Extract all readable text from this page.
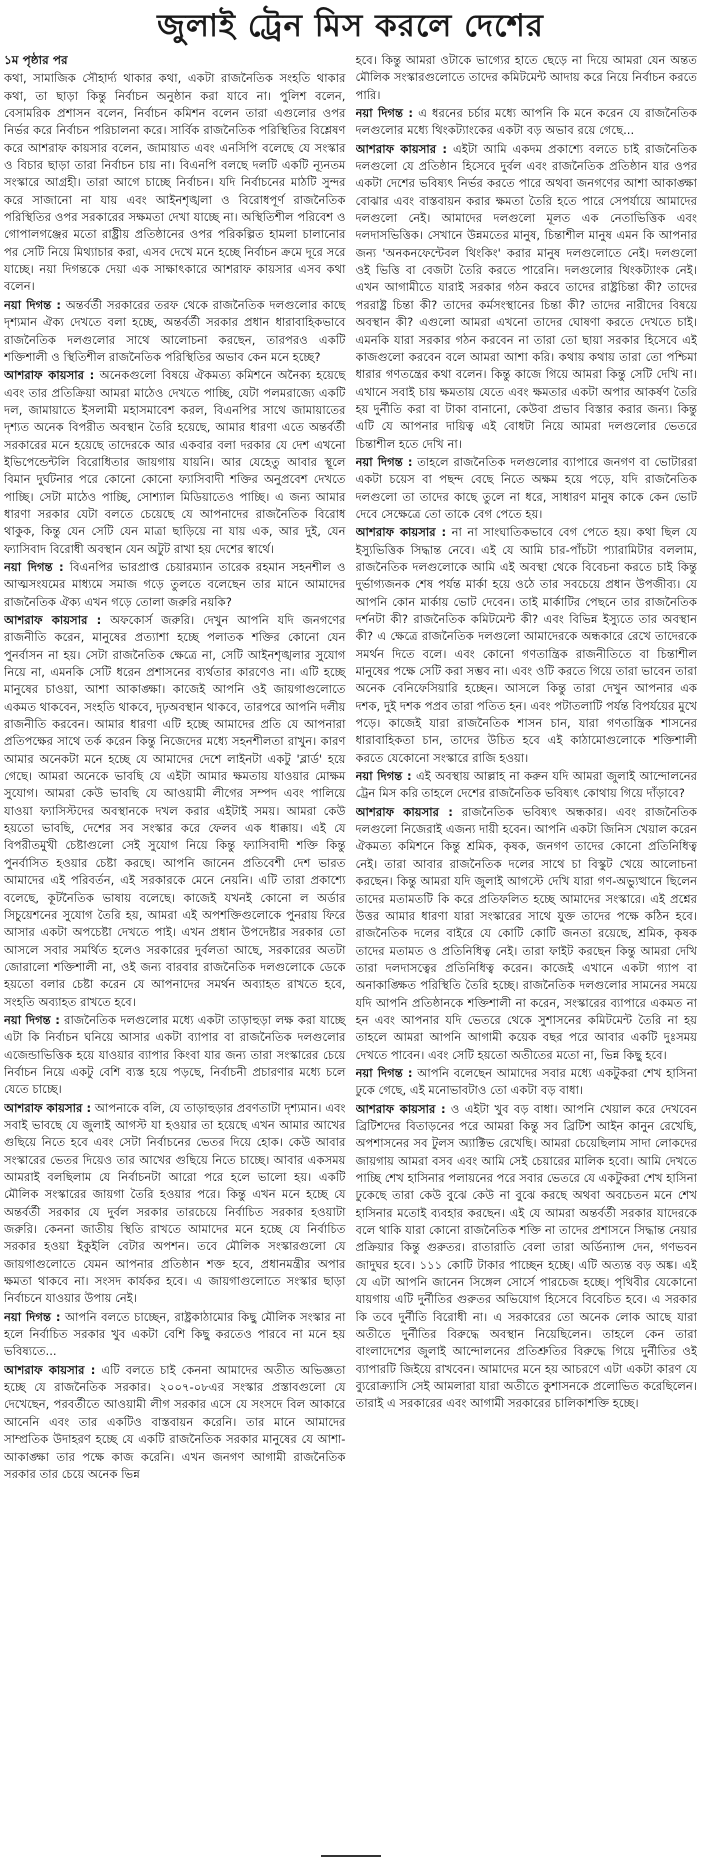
জুলাই ট্রেন মিস করলে দেশের

১ম পৃষ্ঠার পর

কথা, সামাজিক সৌহার্দ্য থাকার কথা, একটা রাজনৈতিক সংহতি থাকার কথা, তা ছাড়া কিন্তু নির্বাচন অনুষ্ঠান করা যাবে না। পুলিশ বলেন, বেসামরিক প্রশাসন বলেন, নির্বাচন কমিশন বলেন তারা এগুলোর ওপর নির্ভর করে নির্বাচন পরিচালনা করে। সার্বিক রাজনৈতিক পরিস্থিতির বিশ্লেষণ করে আশরাফ কায়সার বলেন, জামায়াত এবং এনসিপি বলেছে যে সংস্কার ও বিচার ছাড়া তারা নির্বাচন চায় না। বিএনপি বলছে দলটি একটি ন্যূনতম সংস্কারে আগ্রহী। তারা আগে চাচ্ছে নির্বাচন। যদি নির্বাচনের মাঠটি সুন্দর করে সাজানো না যায় এবং আইনশৃঙ্খলা ও বিরোধপূর্ণ রাজনৈতিক পরিস্থিতির ওপর সরকারের সক্ষমতা দেখা যাচ্ছে না। অস্থিতিশীল পরিবেশ ও গোপালগঞ্জের মতো রাষ্ট্রীয় প্রতিষ্ঠানের ওপর পরিকল্পিত হামলা চালানোর পর সেটি নিয়ে মিথ্যাচার করা, এসব দেখে মনে হচ্ছে নির্বাচন ক্রমে দূরে সরে যাচ্ছে। নয়া দিগন্তকে দেয়া এক সাক্ষাৎকারে আশরাফ কায়সার এসব কথা বলেন।

নয়া দিগন্ত : অন্তর্বর্তী সরকারের তরফ থেকে রাজনৈতিক দলগুলোর কাছে দৃশ্যমান ঐক্য দেখতে বলা হচ্ছে, অন্তর্বর্তী সরকার প্রধান ধারাবাহিকভাবে রাজনৈতিক দলগুলোর সাথে আলোচনা করছেন, তারপরও একটি শক্তিশালী ও স্থিতিশীল রাজনৈতিক পরিস্থিতির অভাব কেন মনে হচ্ছে?

আশরাফ কায়সার : অনেকগুলো বিষয়ে ঐকমত্য কমিশনে অনৈক্য হয়েছে এবং তার প্রতিক্রিয়া আমরা মাঠেও দেখতে পাচ্ছি, যেটা পলমরাজ্যে একটি দল, জামায়াতে ইসলামী মহাসমাবেশ করল, বিএনপির সাথে জামায়াতের দৃশ্যত অনেক বিপরীত অবস্থান তৈরি হয়েছে, আমার ধারণা এতে অন্তর্বর্তী সরকারের মনে হয়েছে তাদেরকে আর একবার বলা দরকার যে দেশ এখনো ইভিপেন্ডেন্টলি বিরোধিতার জায়গায় যায়নি। আর যেহেতু আবার স্থূলে বিমান দুর্ঘটনার পরে কোনো কোনো ফ্যাসিবাদী শক্তির অনুপ্রবেশ দেখতে পাচ্ছি। সেটা মাঠেও পাচ্ছি, সোশ্যাল মিডিয়াতেও পাচ্ছি। এ জন্য আমার ধারণা সরকার যেটা বলতে চেয়েছে যে আপনাদের রাজনৈতিক বিরোধ থাকুক, কিন্তু যেন সেটি যেন মাত্রা ছাড়িয়ে না যায় এক, আর দুই, যেন ফ্যাসিবাদ বিরোধী অবস্থান যেন অটুট রাখা হয় দেশের স্বার্থে।

নয়া দিগন্ত : বিএনপির ভারপ্রাপ্ত চেয়ারম্যান তারেক রহমান সহনশীল ও আত্মসংযমের মাধ্যমে সমাজ গড়ে তুলতে বলেছেন তার মানে আমাদের রাজনৈতিক ঐক্য এখন গড়ে তোলা জরুরি নয়কি?

আশরাফ কায়সার : অফকোর্স জরুরি। দেখুন আপনি যদি জনগণের রাজনীতি করেন, মানুষের প্রত্যাশা হচ্ছে পলাতক শক্তির কোনো যেন পুনর্বাসন না হয়। সেটা রাজনৈতিক ক্ষেত্রে না, সেটি আইনশৃঙ্খলার সুযোগ নিয়ে না, এমনকি সেটি ধরেন প্রশাসনের ব্যর্থতার কারণেও না। এটি হচ্ছে মানুষের চাওয়া, আশা আকাঙ্ক্ষা। কাজেই আপনি ওই জায়গাগুলোতে একমত থাকবেন, সংহতি থাকবে, দৃঢ়অবস্থান থাকবে, তারপরে আপনি দলীয় রাজনীতি করবেন। আমার ধারণা এটি হচ্ছে আমাদের প্রতি যে আপনারা প্রতিপক্ষের সাথে তর্ক করেন কিন্তু নিজেদের মধ্যে সহনশীলতা রাখুন। কারণ আমার অনেকটা মনে হচ্ছে যে আমাদের দেশে লাইনটা একটু 'ব্লার্ড' হয়ে গেছে। আমরা অনেকে ভাবছি যে এইটা আমার ক্ষমতায় যাওয়ার মোক্ষম সুযোগ। আমরা কেউ ভাবছি যে আওয়ামী লীগের সম্পদ এবং পালিয়ে যাওয়া ফ্যাসিস্টদের অবস্থানকে দখল করার এইটাই সময়। আমরা কেউ হয়তো ভাবছি, দেশের সব সংস্কার করে ফেলব এক ধাক্কায়। এই যে বিপরীতমুখী চেষ্টাগুলো সেই সুযোগ নিয়ে কিন্তু ফ্যাসিবাদী শক্তি কিন্তু পুনর্বাসিত হওয়ার চেষ্টা করছে। আপনি জানেন প্রতিবেশী দেশ ভারত আমাদের এই পরিবর্তন, এই সরকারকে মেনে নেয়নি। এটি তারা প্রকাশ্যে বলেছে, কূটনৈতিক ভাষায় বলেছে। কাজেই যখনই কোনো ল অর্ডার সিচুয়েশনের সুযোগ তৈরি হয়, আমরা এই অপশক্তিগুলোকে পুনরায় ফিরে আসার একটা অপচেষ্টা দেখতে পাই। এখন প্রধান উপদেষ্টার সরকার তো আসলে সবার সমর্থিত হলেও সরকারের দুর্বলতা আছে, সরকারের অতটা জোরালো শক্তিশালী না, ওই জন্য বারবার রাজনৈতিক দলগুলোকে ডেকে হয়তো বলার চেষ্টা করেন যে আপনাদের সমর্থন অব্যাহত রাখতে হবে, সংহতি অব্যাহত রাখতে হবে।

নয়া দিগন্ত : রাজনৈতিক দলগুলোর মধ্যে একটা তাড়াহুড়া লক্ষ করা যাচ্ছে এটা কি নির্বাচন ঘনিয়ে আসার একটা ব্যাপার বা রাজনৈতিক দলগুলোর এজেন্ডাভিত্তিক হয়ে যাওয়ার ব্যাপার কিংবা যার জন্য তারা সংস্কারের চেয়ে নির্বাচন নিয়ে একটু বেশি ব্যস্ত হয়ে পড়ছে, নির্বাচনী প্রচারণার মধ্যে চলে যেতে চাচ্ছে।

আশরাফ কায়সার : আপনাকে বলি, যে তাড়াহুড়ার প্রবণতাটা দৃশ্যমান। এবং সবাই ভাবছে যে জুলাই আগস্ট যা হওয়ার তা হয়েছে এখন আমার আখের গুছিয়ে নিতে হবে এবং সেটা নির্বাচনের ভেতর দিয়ে হোক। কেউ আবার সংস্কারের ভেতর দিয়েও তার আখের গুছিয়ে নিতে চাচ্ছে। আবার একসময় আমরাই বলছিলাম যে নির্বাচনটা আরো পরে হলে ভালো হয়। একটি মৌলিক সংস্কারের জায়গা তৈরি হওয়ার পরে। কিন্তু এখন মনে হচ্ছে যে অন্তর্বর্তী সরকার যে দুর্বল সরকার তারচেয়ে নির্বাচিত সরকার হওয়াটা জরুরি। কেননা জাতীয় স্থিতি রাখতে আমাদের মনে হচ্ছে যে নির্বাচিত সরকার হওয়া ইকুইলি বেটার অপশন। তবে মৌলিক সংস্কারগুলো যে জায়গাগুলোতে যেমন আপনার প্রতিষ্ঠান শক্ত হবে, প্রধানমন্ত্রীর অপার ক্ষমতা থাকবে না। সংসদ কার্যকর হবে। এ জায়গাগুলোতে সংস্কার ছাড়া নির্বাচনে যাওয়ার উপায় নেই।

নয়া দিগন্ত : আপনি বলতে চাচ্ছেন, রাষ্ট্রকাঠামোর কিছু মৌলিক সংস্কার না হলে নির্বাচিত সরকার খুব একটা বেশি কিছু করতেও পারবে না মনে হয় ভবিষ্যতে...

আশরাফ কায়সার : এটি বলতে চাই কেননা আমাদের অতীত অভিজ্ঞতা হচ্ছে যে রাজনৈতিক সরকার। ২০০৭-০৮এর সংস্কার প্রস্তাবগুলো যে দেখেছেন, পরবর্তীতে আওয়ামী লীগ সরকার এসে যে সংসদে বিল আকারে আনেনি এবং তার একটিও বাস্তবায়ন করেনি। তার মানে আমাদের সাম্প্রতিক উদাহরণ হচ্ছে যে একটি রাজনৈতিক সরকার মানুষের যে আশা-আকাঙ্ক্ষা তার পক্ষে কাজ করেনি। এখন জনগণ আগামী রাজনৈতিক সরকার তার চেয়ে অনেক ভিন্ন

হবে। কিন্তু আমরা ওটাকে ভাগ্যের হাতে ছেড়ে না দিয়ে আমরা যেন অন্তত মৌলিক সংস্কারগুলোতে তাদের কমিটমেন্ট আদায় করে নিয়ে নির্বাচন করতে পারি।

নয়া দিগন্ত : এ ধরনের চর্চার মধ্যে আপনি কি মনে করেন যে রাজনৈতিক দলগুলোর মধ্যে থিংকট্যাংকের একটা বড় অভাব রয়ে গেছে...

আশরাফ কায়সার : এইটা আমি একদম প্রকাশ্যে বলতে চাই রাজনৈতিক দলগুলো যে প্রতিষ্ঠান হিসেবে দুর্বল এবং রাজনৈতিক প্রতিষ্ঠান যার ওপর একটা দেশের ভবিষ্যৎ নির্ভর করতে পারে অথবা জনগণের আশা আকাঙ্ক্ষা বোঝার এবং বাস্তবায়ন করার ক্ষমতা তৈরি হতে পারে সেপর্যায়ে আমাদের দলগুলো নেই। আমাদের দলগুলো মূলত এক নেতাভিত্তিক এবং দলদাসভিত্তিক। সেখানে উন্নমতের মানুষ, চিন্তাশীল মানুষ এমন কি আপনার জন্য 'অনকনফেন্টেবল থিংকিং' করার মানুষ দলগুলোতে নেই। দলগুলো ওই ভিত্তি বা বেজটা তৈরি করতে পারেনি। দলগুলোর থিংকট্যাংক নেই। এখন আগামীতে যারাই সরকার গঠন করবে তাদের রাষ্ট্রচিন্তা কী? তাদের পররাষ্ট্র চিন্তা কী? তাদের কর্মসংস্থানের চিন্তা কী? তাদের নারীদের বিষয়ে অবস্থান কী? এগুলো আমরা এখনো তাদের ঘোষণা করতে দেখতে চাই। এমনকি যারা সরকার গঠন করবেন না তারা তো ছায়া সরকার হিসেবে এই কাজগুলো করবেন বলে আমরা আশা করি। কথায় কথায় তারা তো পশ্চিমা ধারার গণতন্ত্রের কথা বলেন। কিন্তু কাজে গিয়ে আমরা কিন্তু সেটি দেখি না। এখানে সবাই চায় ক্ষমতায় যেতে এবং ক্ষমতার একটা অপার আকর্ষণ তৈরি হয় দুর্নীতি করা বা টাকা বানানো, কেউবা প্রভাব বিস্তার করার জন্য। কিন্তু এটি যে আপনার দায়িত্ব এই বোধটা নিয়ে আমরা দলগুলোর ভেতরে চিন্তাশীল হতে দেখি না।

নয়া দিগন্ত : তাহলে রাজনৈতিক দলগুলোর ব্যাপারে জনগণ বা ভোটাররা একটা চয়েস বা পছন্দ বেছে নিতে অক্ষম হয়ে পড়ে, যদি রাজনৈতিক দলগুলো তা তাদের কাছে তুলে না ধরে, সাধারণ মানুষ কাকে কেন ভোট দেবে সেক্ষেত্রে তো তাকে বেগ পেতে হয়।

আশরাফ কায়সার : না না সাংঘাতিকভাবে বেগ পেতে হয়। কথা ছিল যে ইস্যুভিত্তিক সিদ্ধান্ত নেবে। এই যে আমি চার-পাঁচটা প্যারামিটার বললাম, রাজনৈতিক দলগুলোকে আমি এই অবস্থা থেকে বিবেচনা করতে চাই কিন্তু দুর্ভাগ্যজনক শেষ পর্যন্ত মার্কা হয়ে ওঠে তার সবচেয়ে প্রধান উপজীব্য। যে আপনি কোন মার্কায় ভোট দেবেন। তাই মার্কাটির পেছনে তার রাজনৈতিক দর্শনটা কী? রাজনৈতিক কমিটমেন্ট কী? এবং বিভিন্ন ইস্যুতে তার অবস্থান কী? এ ক্ষেত্রে রাজনৈতিক দলগুলো আমাদেরকে অন্ধকারে রেখে তাদেরকে সমর্থন দিতে বলে। এবং কোনো গণতান্ত্রিক রাজনীতিতে বা চিন্তাশীল মানুষের পক্ষে সেটি করা সম্ভব না। এবং ওটি করতে গিয়ে তারা ভাবেন তারা অনেক বেনিফেসিয়ারি হচ্ছেন। আসলে কিন্তু তারা দেখুন আপনার এক দশক, দুই দশক পপ্রব তারা পতিত হন। এবং পটাতলাটি পর্যন্ত বিপর্যয়ের মুখে পড়ে। কাজেই যারা রাজনৈতিক শাসন চান, যারা গণতান্ত্রিক শাসনের ধারাবাহিকতা চান, তাদের উচিত হবে এই কাঠামোগুলোকে শক্তিশালী করতে যেকোনো সংস্কারে রাজি হওয়া।

নয়া দিগন্ত : এই অবস্থায় আল্লাহ না করুন যদি আমরা জুলাই আন্দোলনের ট্রেন মিস করি তাহলে দেশের রাজনৈতিক ভবিষ্যৎ কোথায় গিয়ে দাঁড়াবে?

আশরাফ কায়সার : রাজনৈতিক ভবিষ্যৎ অন্ধকার। এবং রাজনৈতিক দলগুলো নিজেরাই এজন্য দায়ী হবেন। আপনি একটা জিনিস খেয়াল করেন ঐকমত্য কমিশনে কিন্তু শ্রমিক, কৃষক, জনগণ তাদের কোনো প্রতিনিধিত্ব নেই। তারা আবার রাজনৈতিক দলের সাথে চা বিস্কুট খেয়ে আলোচনা করছেন। কিন্তু আমরা যদি জুলাই আগস্টে দেখি যারা গণ-অভ্যুত্থানে ছিলেন তাদের মতামতটি কি করে প্রতিফলিত হচ্ছে আমাদের সংস্কারে। এই প্রশ্নের উত্তর আমার ধারণা যারা সংস্কারের সাথে যুক্ত তাদের পক্ষে কঠিন হবে। রাজনৈতিক দলের বাইরে যে কোটি কোটি জনতা রয়েছে, শ্রমিক, কৃষক তাদের মতামত ও প্রতিনিধিত্ব নেই। তারা ফাইট করছেন কিন্তু আমরা দেখি তারা দলদাসত্বের প্রতিনিধিত্ব করেন। কাজেই এখানে একটা গ্যাপ বা অনাকাঙ্ক্ষিত পরিস্থিতি তৈরি হচ্ছে। রাজনৈতিক দলগুলোর সামনের সময়ে যদি আপনি প্রতিষ্ঠানকে শক্তিশালী না করেন, সংস্কারের ব্যাপারে একমত না হন এবং আপনার যদি ভেতরে থেকে সুশাসনের কমিটমেন্ট তৈরি না হয় তাহলে আমরা আপনি আগামী কয়েক বছর পরে আবার একটি দুঃসময় দেখতে পাবেন। এবং সেটি হয়তো অতীতের মতো না, ভিন্ন কিছু হবে।

নয়া দিগন্ত : আপনি বলেছেন আমাদের সবার মধ্যে একটুকরা শেখ হাসিনা ঢুকে গেছে, এই মনোভাবটাও তো একটা বড় বাধা।

আশরাফ কায়সার : ও এইটা খুব বড় বাধা। আপনি খেয়াল করে দেখবেন ব্রিটিশদের বিতাড়নের পরে আমরা কিন্তু সব ব্রিটিশ আইন কানুন রেখেছি, অপশাসনের সব টুলস অ্যাক্টিভ রেখেছি। আমরা চেয়েছিলাম সাদা লোকদের জায়গায় আমরা বসব এবং আমি সেই চেয়ারের মালিক হবো। আমি দেখতে পাচ্ছি শেখ হাসিনার পলায়নের পরে সবার ভেতরে যে একটুকরা শেখ হাসিনা ঢুকেছে তারা কেউ বুঝে কেউ না বুঝে করছে অথবা অবচেতন মনে শেখ হাসিনার মতোই ব্যবহার করছেন। এই যে আমরা অন্তর্বর্তী সরকার যাদেরকে বলে থাকি যারা কোনো রাজনৈতিক শক্তি না তাদের প্রশাসনে সিদ্ধান্ত নেয়ার প্রক্রিয়ার কিন্তু গুরুতর। রাতারাতি বেলা তারা অর্ডিন্যান্স দেন, গণভবন জাদুঘর হবে। ১১১ কোটি টাকার পাচ্ছেন হচ্ছে। এটি অত্যন্ত বড় অঙ্ক। এই যে এটা আপনি জানেন সিঙ্গেল সোর্সে পারচেজ হচ্ছে। পৃথিবীর যেকোনো যায়গায় এটি দুর্নীতির গুরুতর অভিযোগ হিসেবে বিবেচিত হবে। এ সরকার কি তবে দুর্নীতি বিরোধী না। এ সরকারের তো অনেক লোক আছে যারা অতীতে দুর্নীতির বিরুদ্ধে অবস্থান নিয়েছিলেন। তাহলে কেন তারা বাংলাদেশের জুলাই আন্দোলনের প্রতিশ্রুতির বিরুদ্ধে গিয়ে দুর্নীতির ওই ব্যাপারটি জিইয়ে রাখবেন। আমাদের মনে হয় আচরণে এটা একটা কারণ যে ব্যুরোক্র্যাসি সেই আমলারা যারা অতীতে কুশাসনকে প্রলোভিত করেছিলেন। তারাই এ সরকারের এবং আগামী সরকারের চালিকাশক্তি হচ্ছে।
